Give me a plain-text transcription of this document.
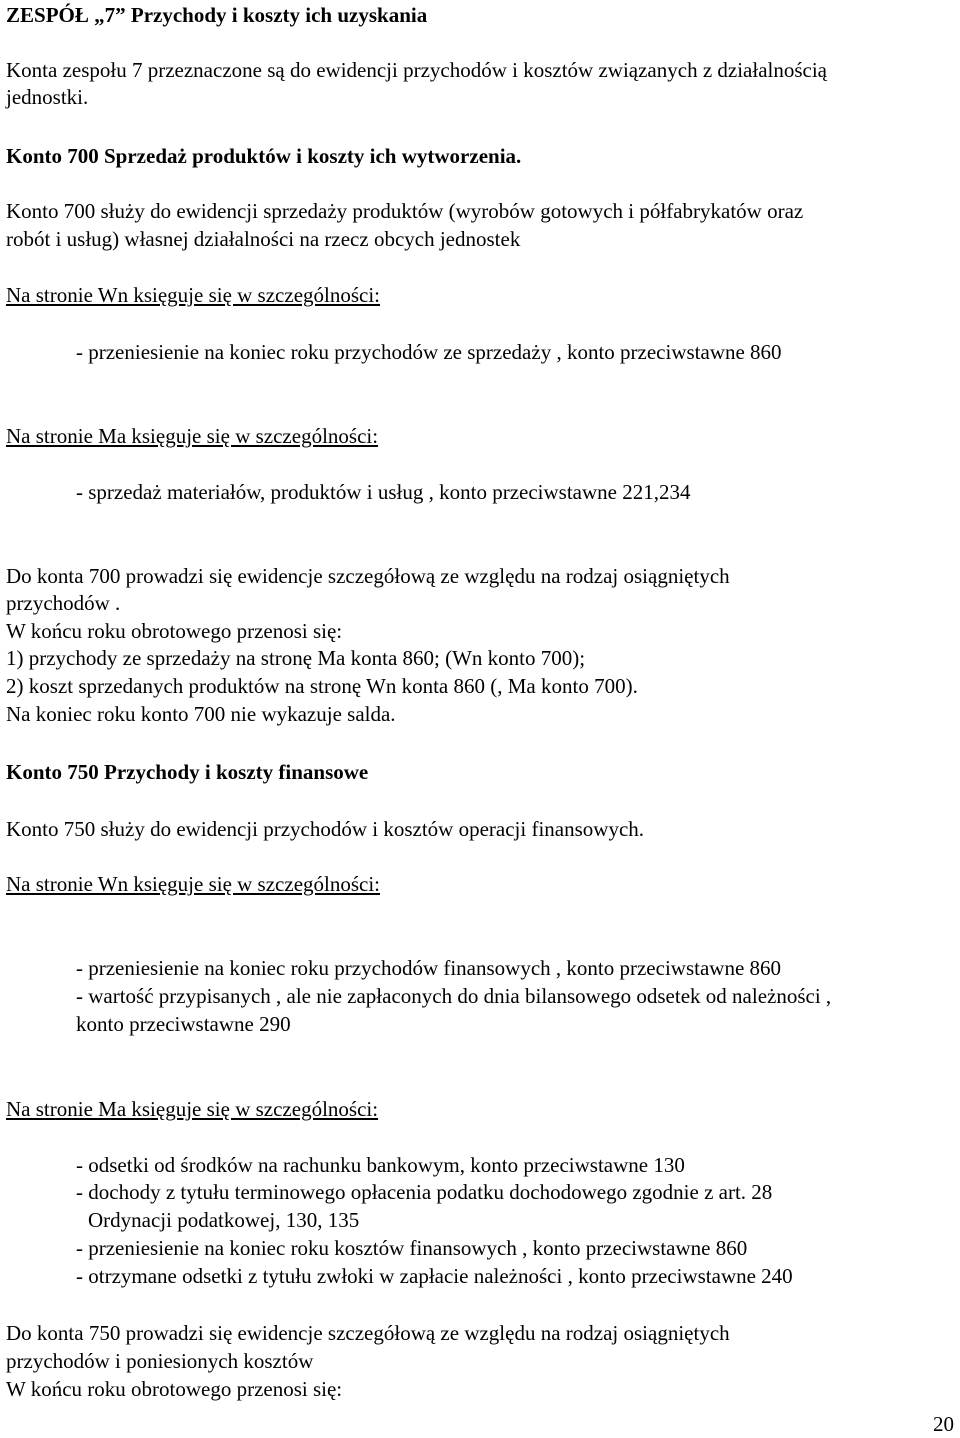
ZESPÓŁ „7” Przychody i koszty ich uzyskania
Konta zespołu 7 przeznaczone są do ewidencji przychodów i kosztów związanych z działalnością
jednostki.
Konto 700 Sprzedaż produktów i koszty ich wytworzenia.
Konto 700 służy do ewidencji sprzedaży produktów (wyrobów gotowych i półfabrykatów oraz
robót i usług) własnej działalności na rzecz obcych jednostek
Na stronie Wn księguje się w szczególności:
- przeniesienie na koniec roku przychodów ze sprzedaży , konto przeciwstawne 860
Na stronie Ma księguje się w szczególności:
- sprzedaż materiałów, produktów i usług , konto przeciwstawne 221,234
Do konta 700 prowadzi się ewidencje szczegółową ze względu na rodzaj osiągniętych
przychodów .
W końcu roku obrotowego przenosi się:
1) przychody ze sprzedaży na stronę Ma konta 860; (Wn konto 700);
2) koszt sprzedanych produktów na stronę Wn konta 860 (, Ma konto 700).
Na koniec roku konto 700 nie wykazuje salda.
Konto 750 Przychody i koszty finansowe
Konto 750 służy do ewidencji przychodów i kosztów operacji finansowych.
Na stronie Wn księguje się w szczególności:
- przeniesienie na koniec roku przychodów finansowych , konto przeciwstawne 860
- wartość przypisanych , ale nie zapłaconych do dnia bilansowego odsetek od należności ,
konto przeciwstawne 290
Na stronie Ma księguje się w szczególności:
- odsetki od środków na rachunku bankowym, konto przeciwstawne 130
- dochody z tytułu terminowego opłacenia podatku dochodowego zgodnie z art. 28
Ordynacji podatkowej, 130, 135
- przeniesienie na koniec roku kosztów finansowych , konto przeciwstawne 860
- otrzymane odsetki z tytułu zwłoki w zapłacie należności , konto przeciwstawne 240
Do konta 750 prowadzi się ewidencje szczegółową ze względu na rodzaj osiągniętych
przychodów i poniesionych kosztów
W końcu roku obrotowego przenosi się:
20
